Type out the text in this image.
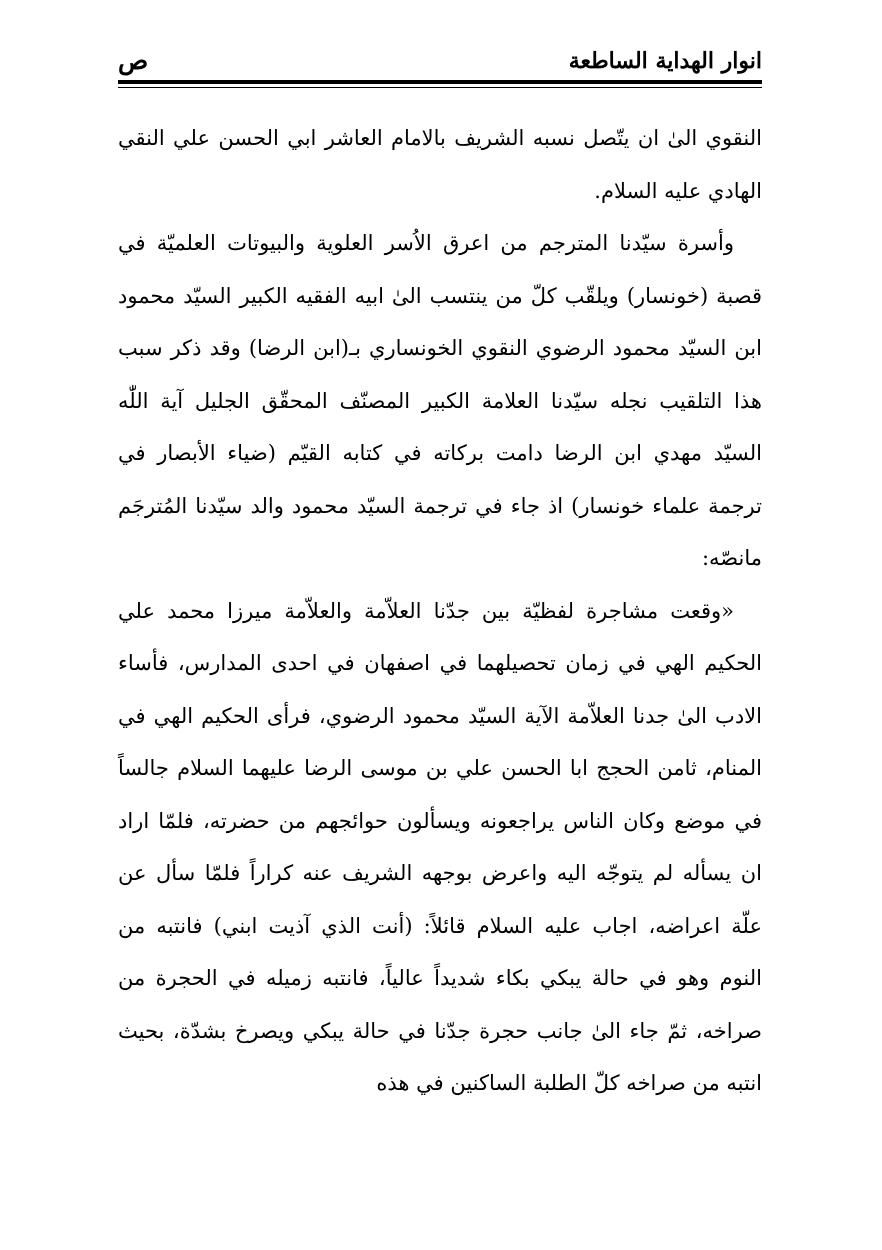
انوار الهداية الساطعة
ص

النقوي الىٰ ان يتّصل نسبه الشريف بالامام العاشر ابي الحسن علي النقي الهادي عليه السلام.

وأسرة سيّدنا المترجم من اعرق الاُسر العلوية والبيوتات العلميّة في قصبة (خونسار) ويلقّب كلّ من ينتسب الىٰ ابيه الفقيه الكبير السيّد محمود ابن السيّد محمود الرضوي النقوي الخونساري بـ(ابن الرضا) وقد ذكر سبب هذا التلقيب نجله سيّدنا العلامة الكبير المصنّف المحقّق الجليل آية اللّٰه السيّد مهدي ابن الرضا دامت بركاته في كتابه القيّم (ضياء الأبصار في ترجمة علماء خونسار) اذ جاء في ترجمة السيّد محمود والد سيّدنا المُترجَم مانصّه:

«وقعت مشاجرة لفظيّة بين جدّنا العلاّمة والعلاّمة ميرزا محمد علي الحكيم الهي في زمان تحصيلهما في اصفهان في احدى المدارس، فأساء الادب الىٰ جدنا العلاّمة الآية السيّد محمود الرضوي، فرأى الحكيم الهي في المنام، ثامن الحجج ابا الحسن علي بن موسى الرضا عليهما السلام جالساً في موضع وكان الناس يراجعونه ويسألون حوائجهم من حضرته، فلمّا اراد ان يسأله لم يتوجّه اليه واعرض بوجهه الشريف عنه كراراً فلمّا سأل عن علّة اعراضه، اجاب عليه السلام قائلاً: (أنت الذي آذيت ابني) فانتبه من النوم وهو في حالة يبكي بكاء شديداً عالياً، فانتبه زميله في الحجرة من صراخه، ثمّ جاء الىٰ جانب حجرة جدّنا في حالة يبكي ويصرخ بشدّة، بحيث انتبه من صراخه كلّ الطلبة الساكنين في هذه
